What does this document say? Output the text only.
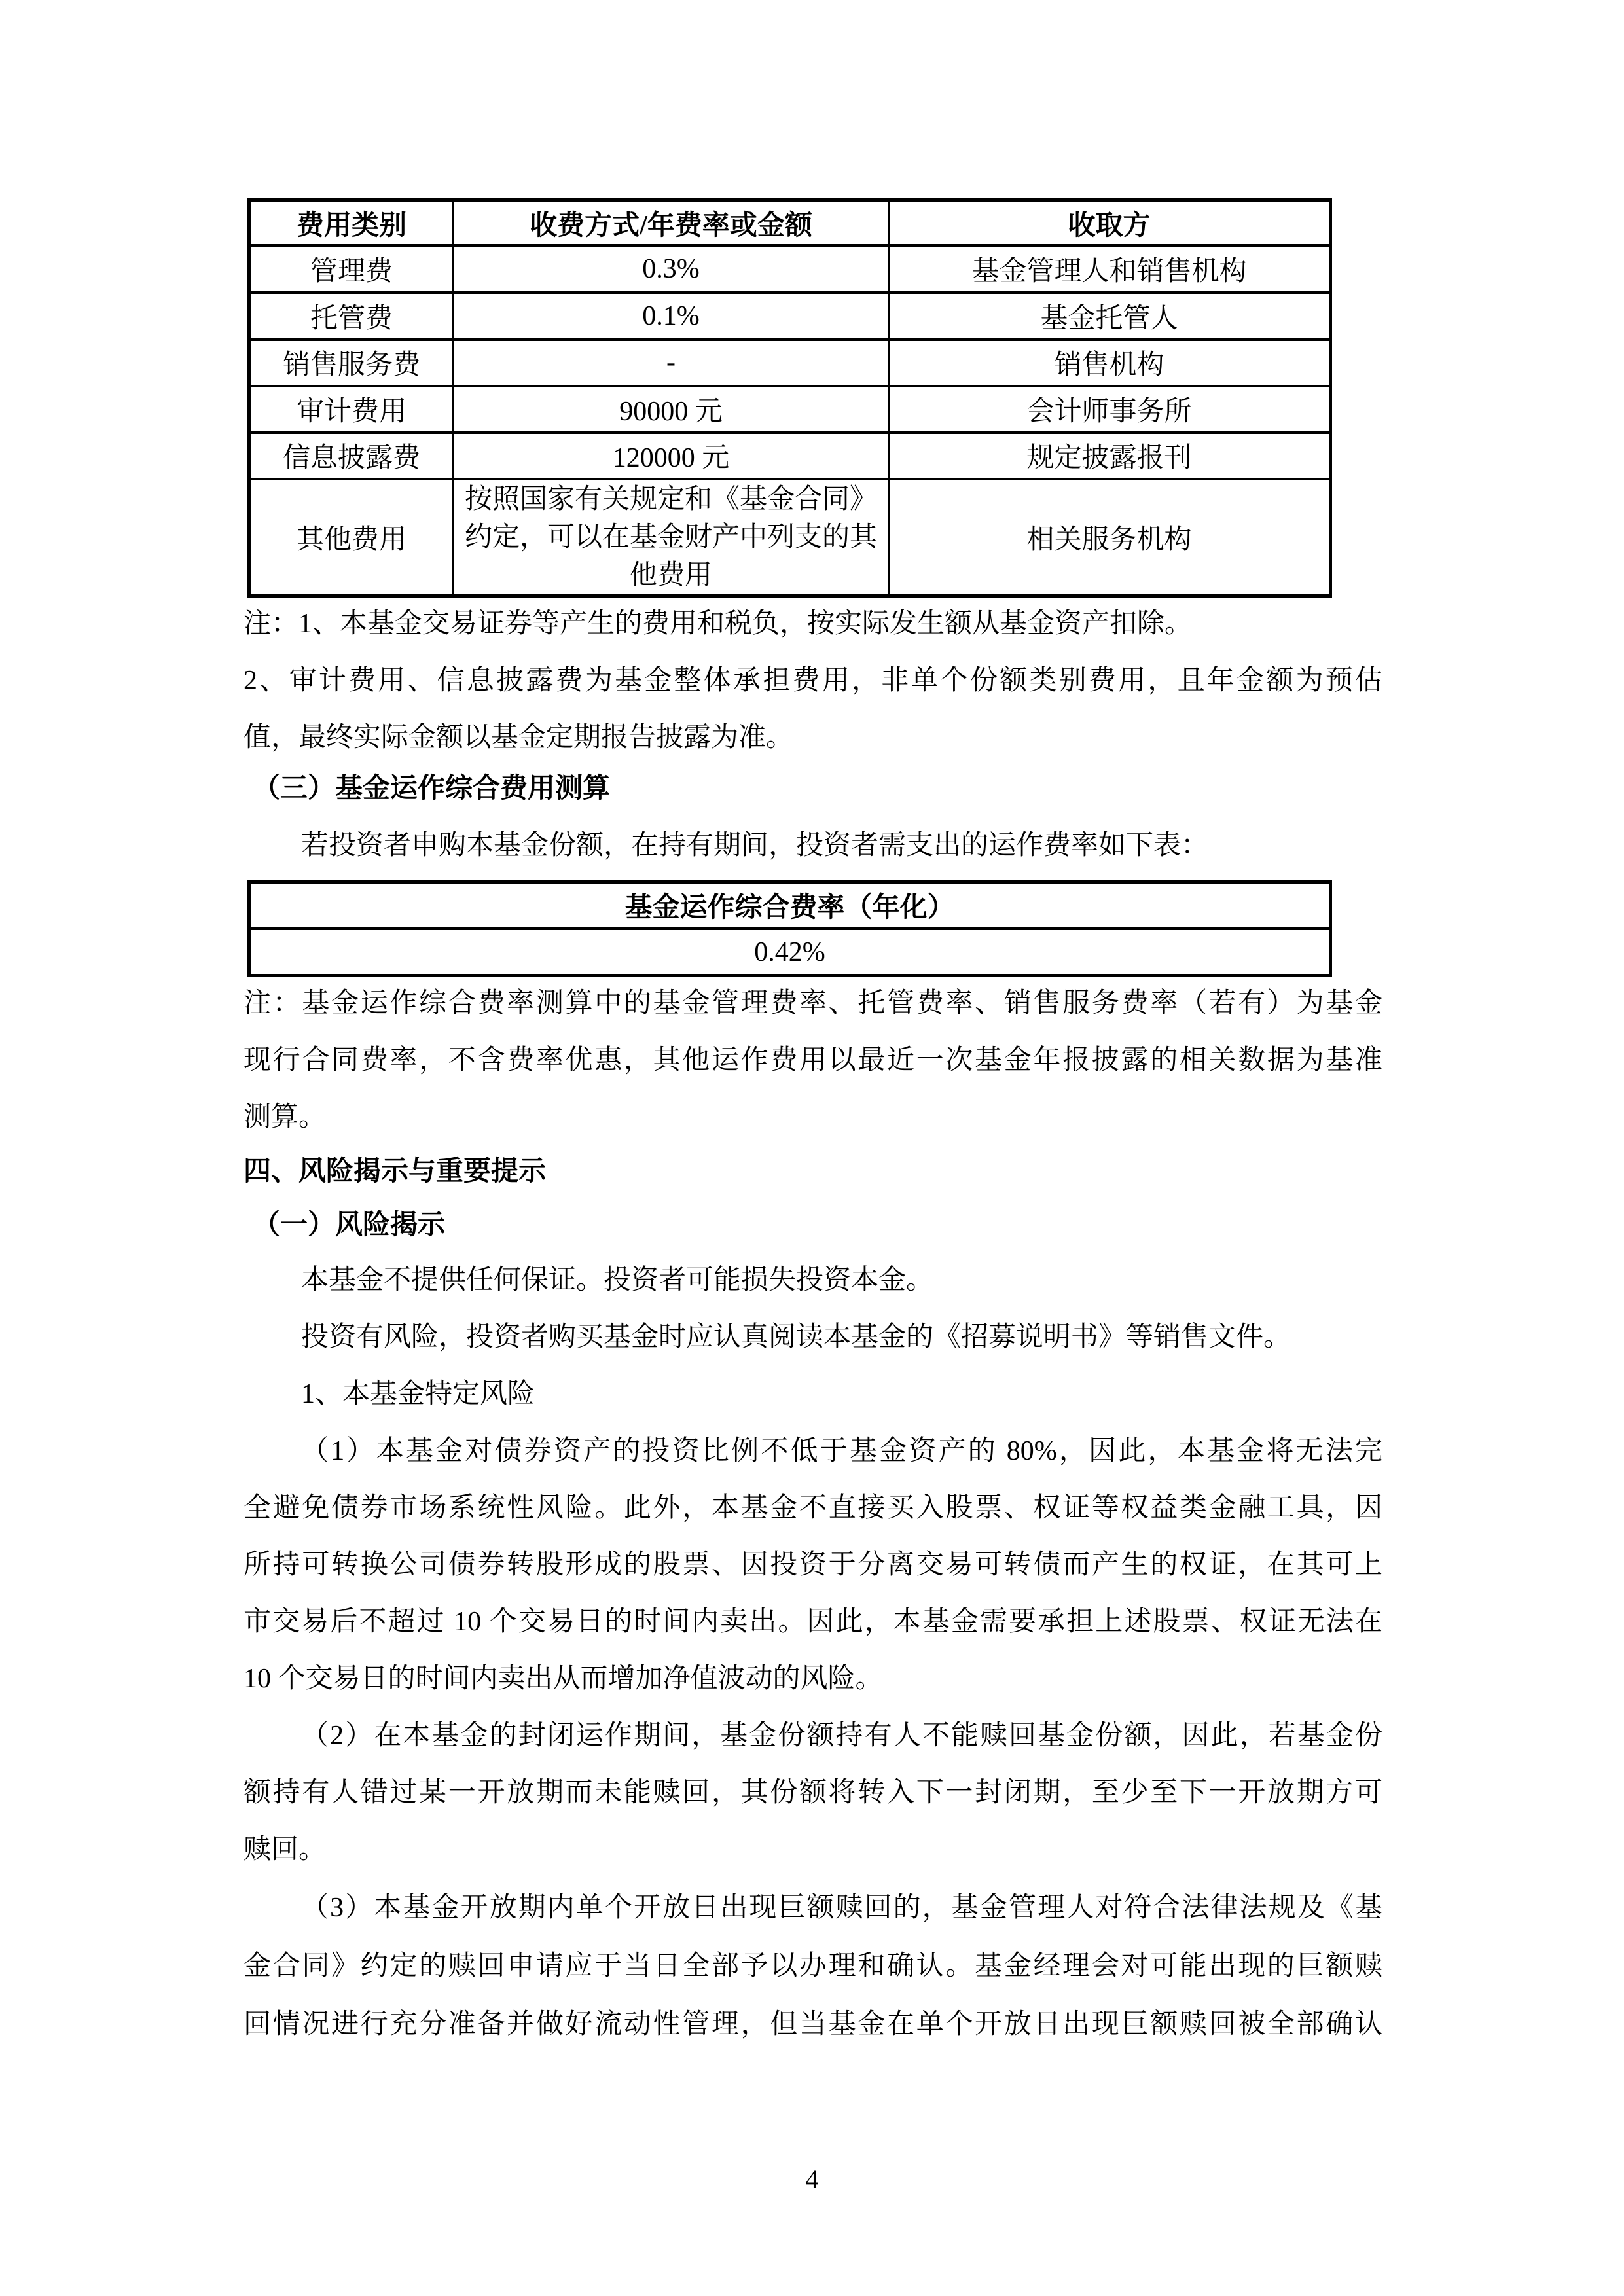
费用类别	收费方式/年费率或金额	收取方
管理费	0.3%	基金管理人和销售机构
托管费	0.1%	基金托管人
销售服务费	-	销售机构
审计费用	90000 元	会计师事务所
信息披露费	120000 元	规定披露报刊
其他费用	按照国家有关规定和《基金合同》约定，可以在基金财产中列支的其他费用	相关服务机构
注：1、本基金交易证券等产生的费用和税负，按实际发生额从基金资产扣除。
2、审计费用、信息披露费为基金整体承担费用，非单个份额类别费用，且年金额为预估
值，最终实际金额以基金定期报告披露为准。
（三）基金运作综合费用测算
若投资者申购本基金份额，在持有期间，投资者需支出的运作费率如下表：
基金运作综合费率（年化）
0.42%
注：基金运作综合费率测算中的基金管理费率、托管费率、销售服务费率（若有）为基金
现行合同费率，不含费率优惠，其他运作费用以最近一次基金年报披露的相关数据为基准
测算。
四、风险揭示与重要提示
（一）风险揭示
本基金不提供任何保证。投资者可能损失投资本金。
投资有风险，投资者购买基金时应认真阅读本基金的《招募说明书》等销售文件。
1、本基金特定风险
（1）本基金对债券资产的投资比例不低于基金资产的 80%，因此，本基金将无法完
全避免债券市场系统性风险。此外，本基金不直接买入股票、权证等权益类金融工具，因
所持可转换公司债券转股形成的股票、因投资于分离交易可转债而产生的权证，在其可上
市交易后不超过 10 个交易日的时间内卖出。因此，本基金需要承担上述股票、权证无法在
10 个交易日的时间内卖出从而增加净值波动的风险。
（2）在本基金的封闭运作期间，基金份额持有人不能赎回基金份额，因此，若基金份
额持有人错过某一开放期而未能赎回，其份额将转入下一封闭期，至少至下一开放期方可
赎回。
（3）本基金开放期内单个开放日出现巨额赎回的，基金管理人对符合法律法规及《基
金合同》约定的赎回申请应于当日全部予以办理和确认。基金经理会对可能出现的巨额赎
回情况进行充分准备并做好流动性管理，但当基金在单个开放日出现巨额赎回被全部确认
4
